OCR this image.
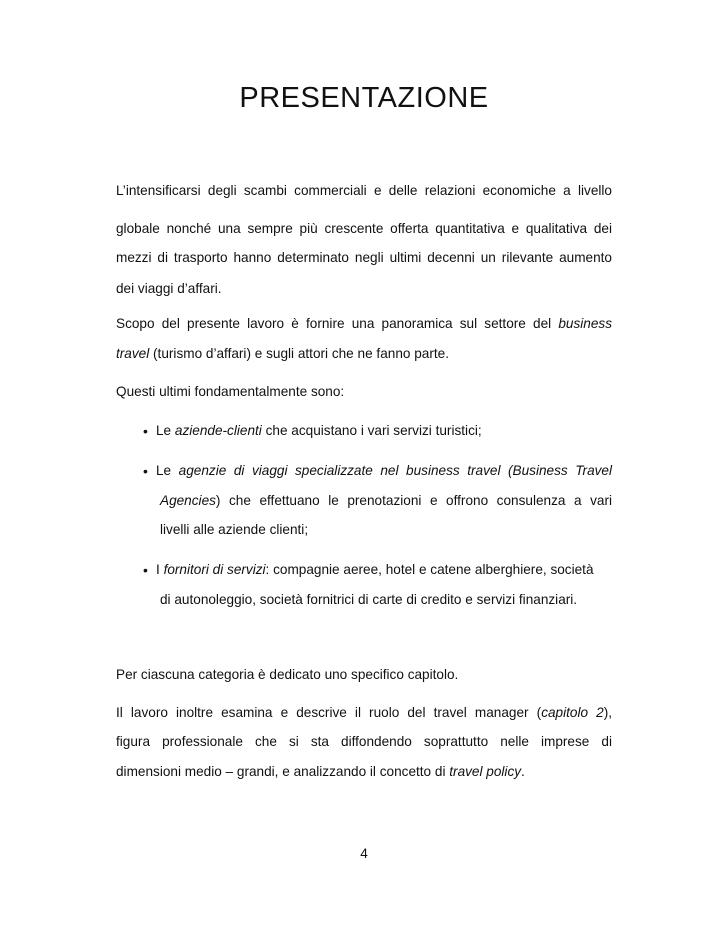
PRESENTAZIONE
L’intensificarsi degli scambi commerciali e delle relazioni economiche a livello
globale nonché una sempre più crescente offerta quantitativa e qualitativa dei
mezzi di trasporto hanno determinato negli ultimi decenni un rilevante aumento
dei viaggi d’affari.
Scopo del presente lavoro è fornire una panoramica sul settore del business
travel (turismo d’affari) e sugli attori che ne fanno parte.
Questi ultimi fondamentalmente sono:
• Le aziende-clienti che acquistano i vari servizi turistici;
• Le agenzie di viaggi specializzate nel business travel (Business Travel
Agencies) che effettuano le prenotazioni e offrono consulenza a vari
livelli alle aziende clienti;
• I fornitori di servizi: compagnie aeree, hotel e catene alberghiere, società
di autonoleggio, società fornitrici di carte di credito e servizi finanziari.
Per ciascuna categoria è dedicato uno specifico capitolo.
Il lavoro inoltre esamina e descrive il ruolo del travel manager (capitolo 2),
figura professionale che si sta diffondendo soprattutto nelle imprese di
dimensioni medio – grandi, e analizzando il concetto di travel policy.
4
